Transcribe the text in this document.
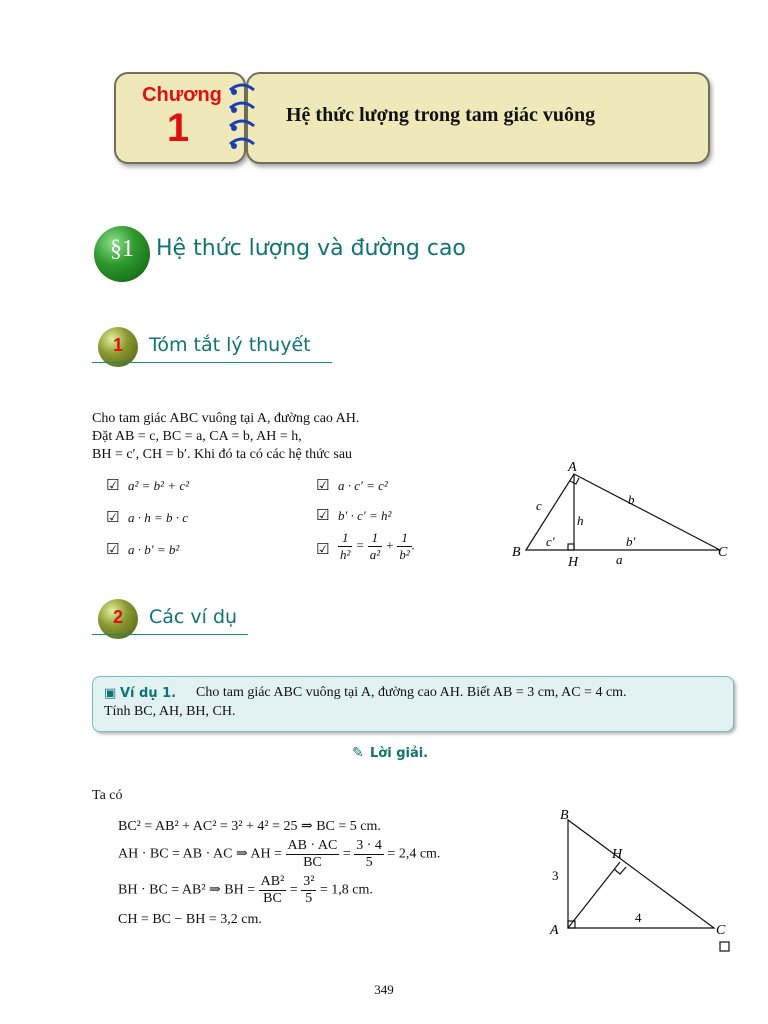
Chương
1	Hệ thức lượng trong tam giác vuông
§1	Hệ thức lượng và đường cao
1	Tóm tắt lý thuyết
Cho tam giác ABC vuông tại A, đường cao AH.
Đặt AB = c, BC = a, CA = b, AH = h,
BH = c′, CH = b′. Khi đó ta có các hệ thức sau
☑ a² = b² + c²	☑ a · c′ = c²
☑ a · h = b · c	☑ b′ · c′ = h²
☑ a · b′ = b²	☑ $\frac{1}{\text{h²}} = \frac{1}{\text{a²}} + \frac{1}{\text{b²}}$ .
A
B	C
H
c	b
h
c′	b′
a
2	Các ví dụ
▣ Ví dụ 1. Cho tam giác ABC vuông tại A, đường cao AH. Biết AB = 3 cm, AC = 4 cm.
Tính BC, AH, BH, CH.
✎ Lời giải.
Ta có
BC² = AB² + AC² = 3² + 4² = 25 ⇒ BC = 5 cm.
AH · BC = AB · AC ⇒ AH = $\frac{AB \cdot AC}{BC} = \frac{3 \cdot 4}{5} = 2,4$ cm.
BH · BC = AB² ⇒ BH = $\frac{\text{AB²}}{BC} = \frac{\text{3²}}{5} = 1,8$ cm.
CH = BC − BH = 3,2 cm.
B
A	C
H
3
4
349
